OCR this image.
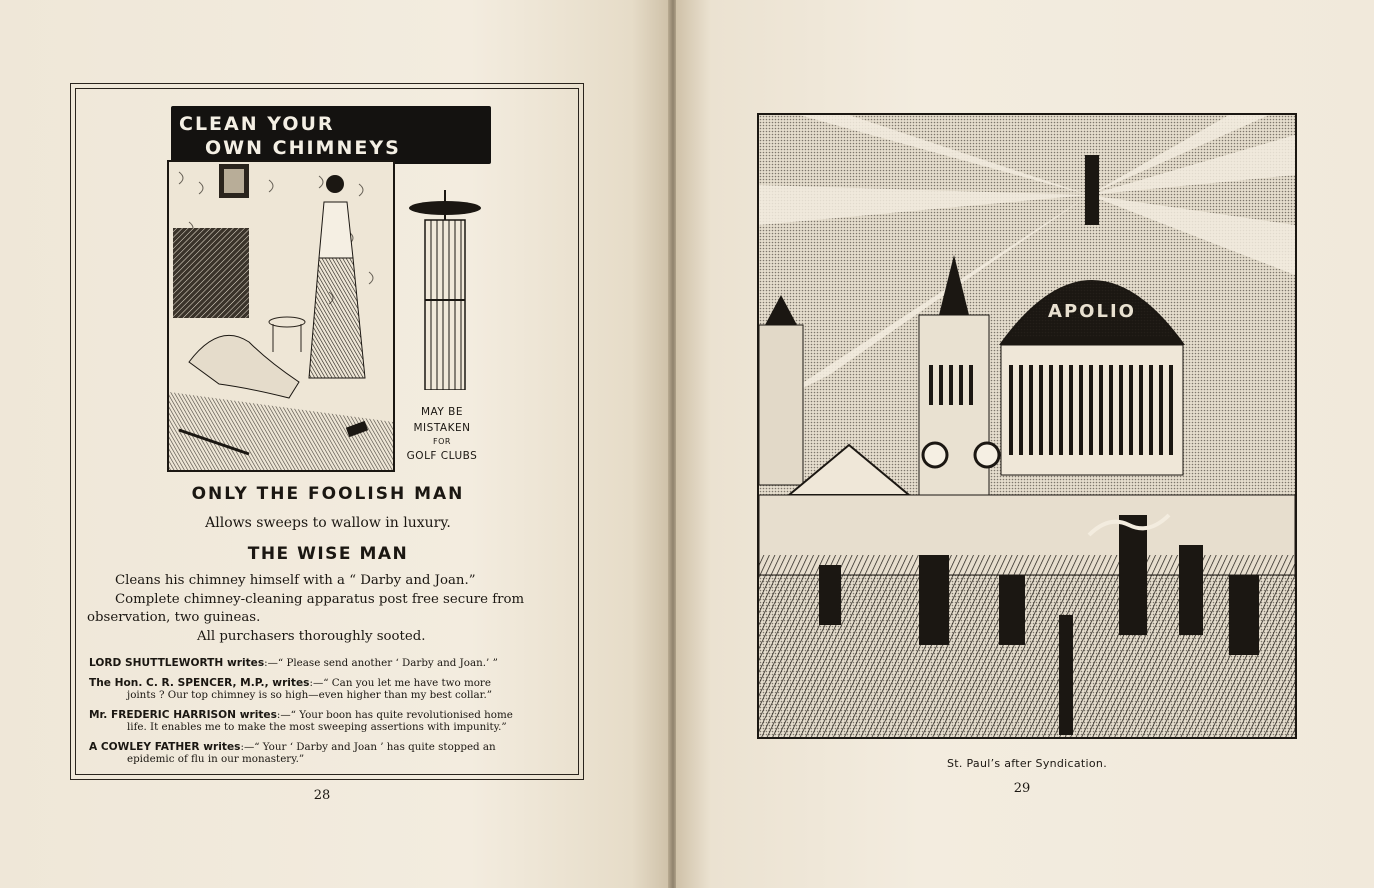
CLEAN YOUR
OWN CHIMNEYS
MAY BE
MISTAKEN
FOR
GOLF CLUBS
ONLY THE FOOLISH MAN
Allows sweeps to wallow in luxury.
THE WISE MAN
Cleans his chimney himself with a “ Darby and Joan.”
Complete chimney-cleaning apparatus post free secure from
observation, two guineas.
All purchasers thoroughly sooted.
LORD SHUTTLEWORTH writes:—“ Please send another ‘ Darby and Joan.’ ”
The Hon. C. R. SPENCER, M.P., writes:—“ Can you let me have two more
joints ? Our top chimney is so high—even higher than my best collar.”
Mr. FREDERIC HARRISON writes:—“ Your boon has quite revolutionised home
life. It enables me to make the most sweeping assertions with impunity.”
A COWLEY FATHER writes:—“ Your ‘ Darby and Joan ’ has quite stopped an
epidemic of flu in our monastery.”
28
APOLIO
St. Paul’s after Syndication.
29
